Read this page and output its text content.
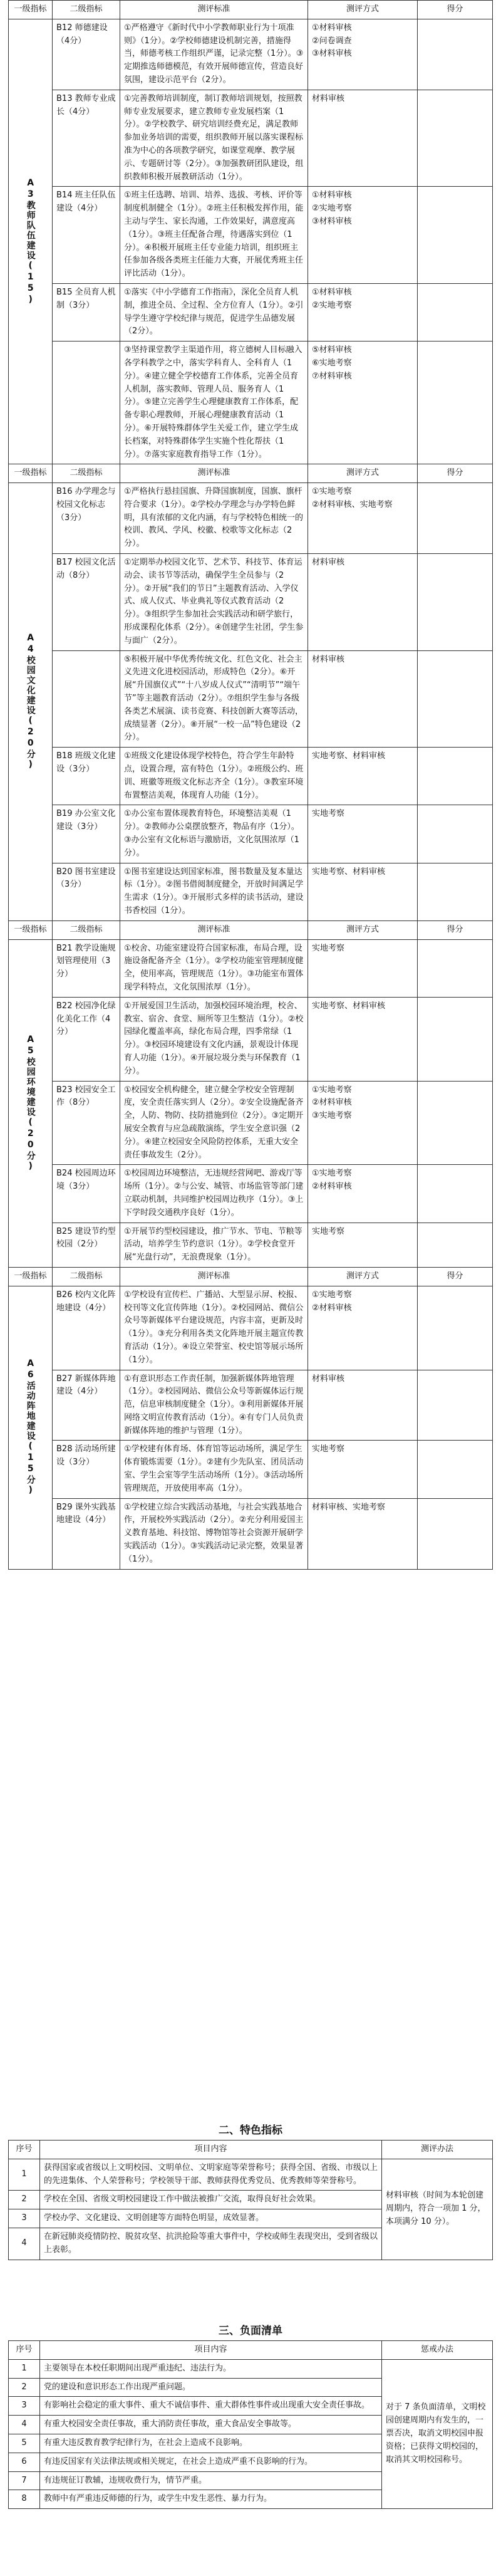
一级指标	二级指标	测评标准	测评方式	得分
A3教师队伍建设(15)	B12 师德建设（4分）	①严格遵守《新时代中小学教师职业行为十项准则》（1分）。②学校师德建设机制完善，措施得当，师德考核工作组织严谨，记录完整（1分）。③定期推选师德模范，有效开展师德宣传，营造良好氛围，建设示范平台（2分）。	①材料审核
②问卷调查
③材料审核	
	B13 教师专业成长（4分）	①完善教师培训制度，制订教师培训规划，按照教师专业发展要求，建立教师专业发展档案（1分）。②学校教学、研究培训经费充足，满足教师参加业务培训的需要，组织教师开展以落实课程标准为中心的各项教学研究，如课堂观摩、教学展示、专题研讨等（2分）。③加强教研团队建设，组织教师积极开展教研活动（1分）。	材料审核	
	B14 班主任队伍建设（4分）	①班主任选聘、培训、培养、选拔、考核、评价等制度机制健全（1分）。②班主任积极发挥作用，能主动与学生、家长沟通，工作效果好，满意度高（1分）。③班主任配备合理，待遇落实到位（1分）。④积极开展班主任专业能力培训，组织班主任参加各级各类班主任能力大赛，开展优秀班主任评比活动（1分）。	①材料审核
②实地考察
③材料审核	
	B15 全员育人机制（3分）	①落实《中小学德育工作指南》，深化全员育人机制，推进全员、全过程、全方位育人（1分）。②引导学生遵守学校纪律与规范，促进学生品德发展（2分）。	①材料审核
②实地考察	
		③坚持课堂教学主渠道作用，将立德树人目标融入各学科教学之中，落实学科育人、全科育人（1分）。④建立健全学校德育工作体系，完善全员育人机制，落实教师、管理人员、服务育人（1分）。⑤建立完善学生心理健康教育工作体系，配备专职心理教师，开展心理健康教育活动（1分）。⑥开展特殊群体学生关爱工作，建立学生成长档案，对特殊群体学生实施个性化帮扶（1分）。⑦落实家庭教育指导工作（1分）。	⑤材料审核
⑥实地考察
⑦材料审核	
一级指标	二级指标	测评标准	测评方式	得分
A4校园文化建设(20分)	B16 办学理念与校园文化标志（3分）	①严格执行悬挂国旗、升降国旗制度，国旗、旗杆符合要求（1分）。②学校办学理念与办学特色鲜明，具有浓郁的文化内涵，有与学校特色相统一的校训、教风、学风、校徽、校歌等文化标志（2分）。	①实地考察
②材料审核、实地考察	
	B17 校园文化活动（8分）	①定期举办校园文化节、艺术节、科技节、体育运动会、读书节等活动，确保学生全员参与（2分）。②开展“我们的节日”主题教育活动、入学仪式、成人仪式、毕业典礼等仪式教育活动（2分）。③组织学生参加社会实践活动和研学旅行，形成课程化体系（2分）。④创建学生社团，学生参与面广（2分）。	材料审核	
		⑤积极开展中华优秀传统文化、红色文化、社会主义先进文化进校园活动，形成特色（2分）。⑥开展“升国旗仪式”“十八岁成人仪式”“清明节”“端午节”等主题教育活动（2分）。⑦组织学生参与各级各类艺术展演、读书竞赛、科技创新大赛等活动，成绩显著（2分）。⑧开展“一校一品”特色建设（2分）。	材料审核	
	B18 班级文化建设（3分）	①班级文化建设体现学校特色，符合学生年龄特点，设置合理，富有特色（1分）。②班级公约、班训、班徽等班级文化标志齐全（1分）。③教室环境布置整洁美观，体现育人功能（1分）。	实地考察、材料审核	
	B19 办公室文化建设（3分）	①办公室布置体现教育特色，环境整洁美观（1分）。②教师办公桌摆放整齐，物品有序（1分）。③办公室有文化标语与激励语，文化氛围浓厚（1分）。	实地考察	
	B20 图书室建设（3分）	①图书室建设达到国家标准，图书数量及复本量达标（1分）。②图书借阅制度健全，开放时间满足学生需求（1分）。③开展形式多样的读书活动，建设书香校园（1分）。	实地考察、材料审核	
一级指标	二级指标	测评标准	测评方式	得分
A5校园环境建设(20分)	B21 教学设施规划管理使用（3分）	①校舍、功能室建设符合国家标准，布局合理，设施设备配备齐全（1分）。②学校功能室管理制度健全，使用率高，管理规范（1分）。③功能室布置体现学科特点，文化氛围浓厚（1分）。	实地考察	
	B22 校园净化绿化美化工作（4分）	①开展爱国卫生活动，加强校园环境治理，校舍、教室、宿舍、食堂、厕所等卫生整洁（1分）。②校园绿化覆盖率高，绿化布局合理，四季常绿（1分）。③校园环境建设有文化内涵，景观设计体现育人功能（1分）。④开展垃圾分类与环保教育（1分）。	实地考察、材料审核	
	B23 校园安全工作（8分）	①校园安全机构健全，建立健全学校安全管理制度，安全责任落实到人（2分）。②安全设施配备齐全，人防、物防、技防措施到位（2分）。③定期开展安全教育与应急疏散演练，学生安全意识强（2分）。④建立校园安全风险防控体系，无重大安全责任事故发生（2分）。	①实地考察
②材料审核
③实地考察	
	B24 校园周边环境（3分）	①校园周边环境整洁，无违规经营网吧、游戏厅等场所（1分）。②与公安、城管、市场监管等部门建立联动机制，共同维护校园周边秩序（1分）。③上下学时段交通秩序良好（1分）。	①实地考察
②材料审核	
	B25 建设节约型校园（2分）	①开展节约型校园建设，推广节水、节电、节粮等活动，培养学生节约意识（1分）。②学校食堂开展“光盘行动”，无浪费现象（1分）。	实地考察	
一级指标	二级指标	测评标准	测评方式	得分
A6活动阵地建设(15分)	B26 校内文化阵地建设（4分）	①学校设有宣传栏、广播站、大型显示屏、校报、校刊等文化宣传阵地（1分）。②校园网站、微信公众号等新媒体平台建设规范，内容丰富，更新及时（1分）。③充分利用各类文化阵地开展主题宣传教育活动（1分）。④设立荣誉室、校史馆等展示场所（1分）。	①实地考察
②材料审核	
	B27 新媒体阵地建设（4分）	①有意识形态工作责任制，加强新媒体阵地管理（1分）。②校园网站、微信公众号等新媒体运行规范，信息审核制度健全（1分）。③利用新媒体开展网络文明宣传教育活动（1分）。④有专门人员负责新媒体阵地的维护与管理（1分）。	材料审核	
	B28 活动场所建设（3分）	①学校建有体育场、体育馆等运动场所，满足学生体育锻炼需要（1分）。②建有少先队室、团员活动室、学生会室等学生活动场所（1分）。③活动场所管理规范，开放使用率高（1分）。	实地考察	
	B29 课外实践基地建设（4分）	①学校建立综合实践活动基地，与社会实践基地合作，开展校外实践活动（2分）。②充分利用爱国主义教育基地、科技馆、博物馆等社会资源开展研学实践活动（1分）。③实践活动记录完整，效果显著（1分）。	材料审核、实地考察	
二、特色指标
序号	项目内容	测评办法
1	获得国家或省级以上文明校园、文明单位、文明家庭等荣誉称号；获得全国、省级、市级以上的先进集体、个人荣誉称号；学校领导干部、教师获得优秀党员、优秀教师等荣誉称号。	材料审核（时间为本轮创建周期内，符合一项加 1 分，本项满分 10 分）。
2	学校在全国、省级文明校园建设工作中做法被推广交流，取得良好社会效果。	
3	学校办学、文化建设、文明创建等方面特色明显，成效显著。	
4	在新冠肺炎疫情防控、脱贫攻坚、抗洪抢险等重大事件中，学校或师生表现突出，受到省级以上表彰。	
三、负面清单
序号	项目内容	惩戒办法
1	主要领导在本校任职期间出现严重违纪、违法行为。	对于 7 条负面清单，文明校园创建周期内有发生的，一票否决，取消文明校园申报资格；已获得文明校园的，取消其文明校园称号。
2	党的建设和意识形态工作出现严重问题。	
3	有影响社会稳定的重大事件、重大不诚信事件、重大群体性事件或出现重大安全责任事故。	
4	有重大校园安全责任事故，重大消防责任事故，重大食品安全事故等。	
5	有重大违反教育教学纪律行为，在社会上造成不良影响。	
6	有违反国家有关法律法规或相关规定，在社会上造成严重不良影响的行为。	
7	有违规征订教辅，违规收费行为，情节严重。	
8	教师中有严重违反师德的行为，或学生中发生恶性、暴力行为。	
